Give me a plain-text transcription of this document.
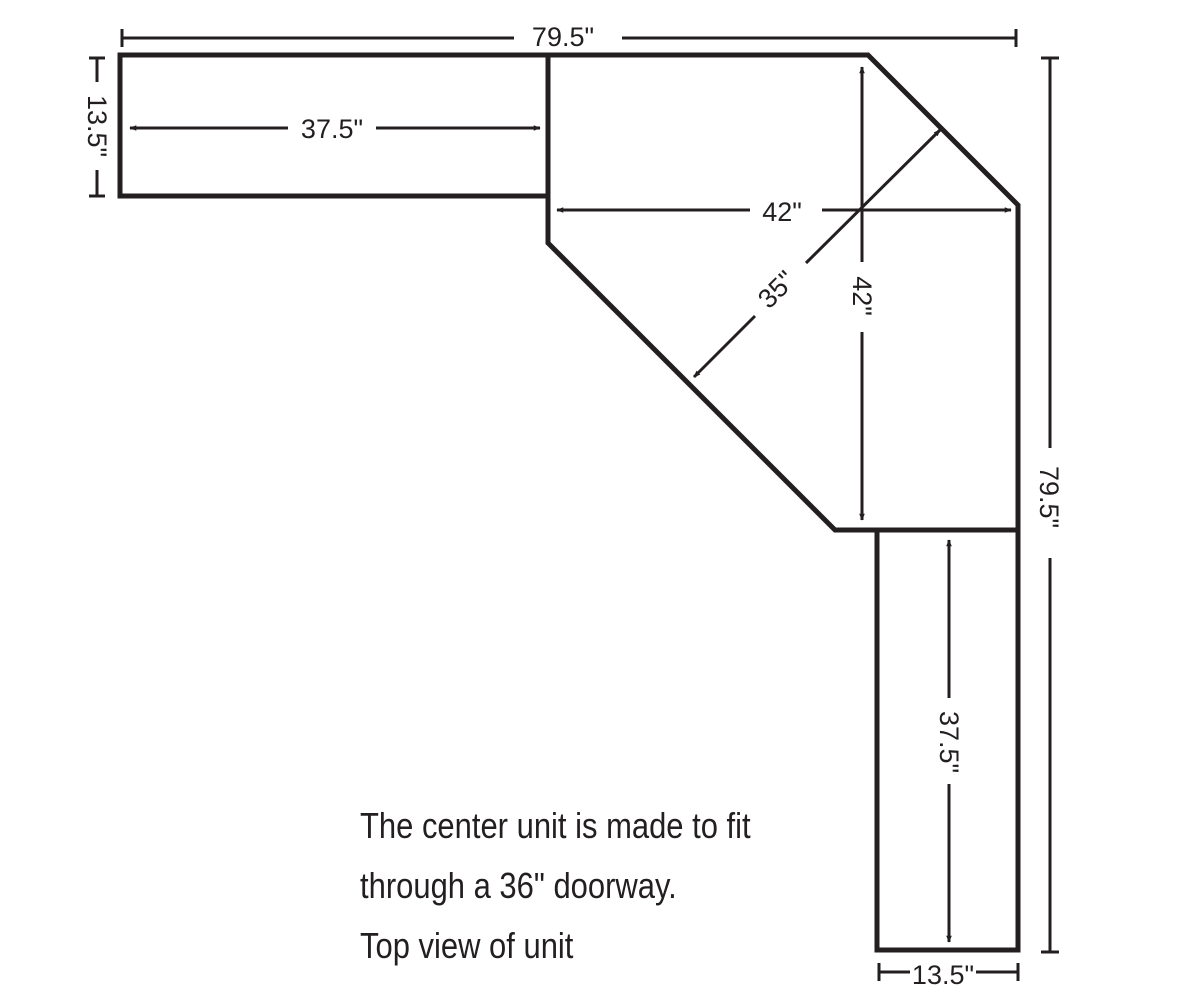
79.5"
13.5"	37.5"
42"
42"
35"
79.5"
37.5"
13.5"
The center unit is made to fit
through a 36" doorway.
Top view of unit
